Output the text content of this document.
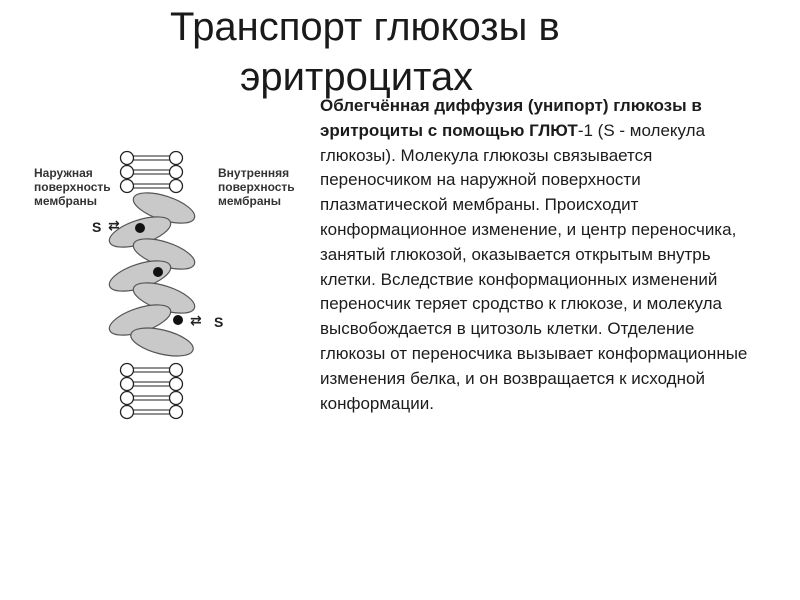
Транспорт глюкозы в
эритроцитах
Наружная
поверхность
мембраны
Внутренняя
поверхность
мембраны
S ⇄
⇄ S
Облегчённая диффузия (унипорт) глюкозы в эритроциты с помощью ГЛЮТ-1 (S - молекула глюкозы). Молекула глюкозы связывается переносчиком на наружной поверхности плазматической мембраны. Происходит конформационное изменение, и центр переносчика, занятый глюкозой, оказывается открытым внутрь клетки. Вследствие конформационных изменений переносчик теряет сродство к глюкозе, и молекула высвобождается в цитозоль клетки. Отделение глюкозы от переносчика вызывает конформационные изменения белка, и он возвращается к исходной конформации.
